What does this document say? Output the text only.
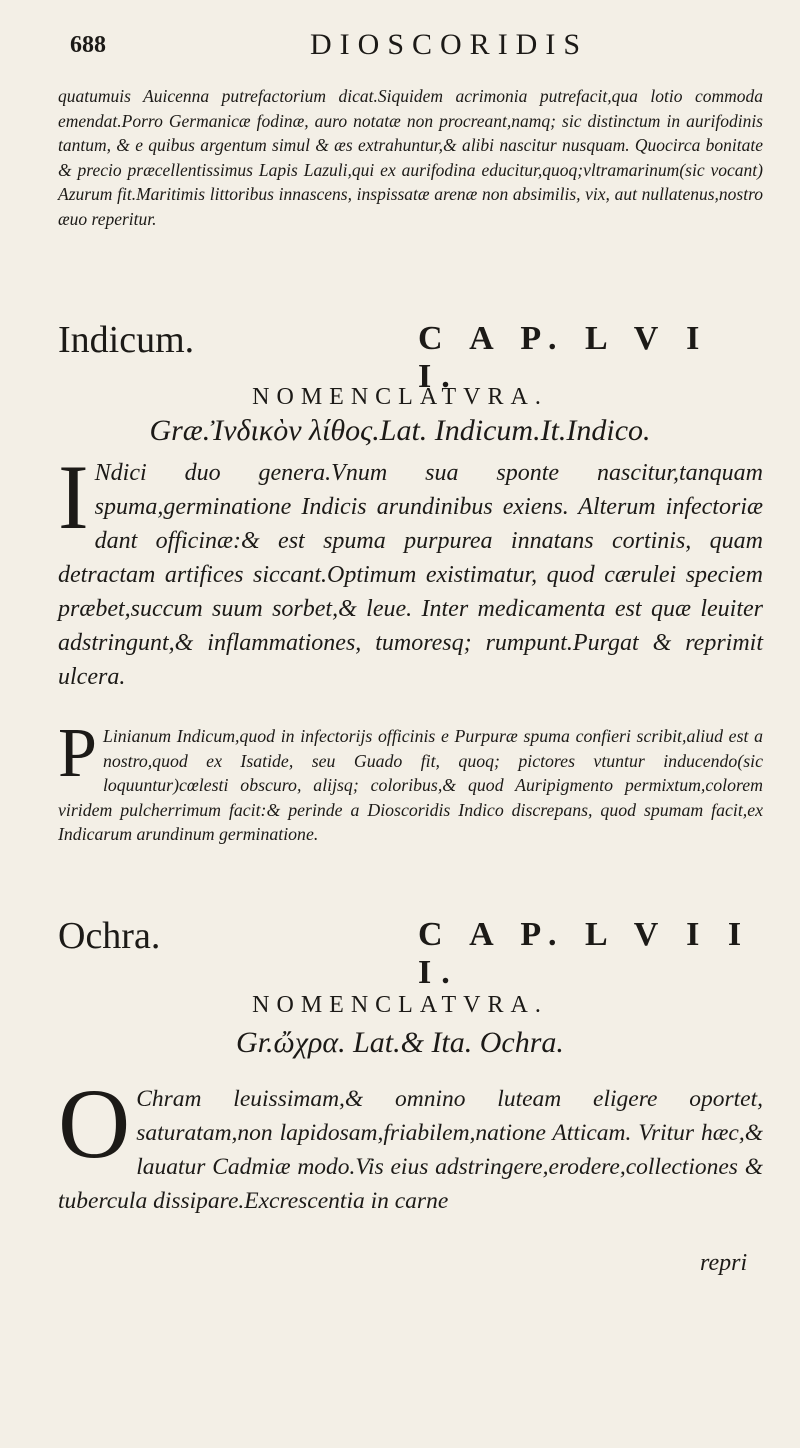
688	DIOSCORIDIS
quatumuis Auicenna putrefactorium dicat.Siquidem acrimonia putrefacit,qua lotio commoda emendat.Porro Germanicæ fodinæ, auro notatæ non procreant,namq; sic distinctum in aurifodinis tantum, & e quibus argentum simul & æs extrahuntur,& alibi nascitur nusquam. Quocirca bonitate & precio præcellentissimus Lapis Lazuli,qui ex aurifodina educitur,quoq;vltramarinum(sic vocant) Azurum fit.Maritimis littoribus innascens, inspissatæ arenæ non absimilis, vix, aut nullatenus,nostro æuo reperitur.
Indicum.	C A P. L V I I.
NOMENCLATVRA.
Græ.Ἰνδικὸν λίθος.Lat. Indicum.It.Indico.
I Ndici duo genera.Vnum sua sponte nascitur,tanquam spuma,germinatione Indicis arundinibus exiens. Alterum infectoriæ dant officinæ:& est spuma purpurea innatans cortinis, quam detractam artifices siccant.Optimum existimatur, quod cærulei speciem præbet,succum suum sorbet,& leue. Inter medicamenta est quæ leuiter adstringunt,& inflammationes, tumoresq; rumpunt.Purgat & reprimit ulcera.
P Linianum Indicum,quod in infectorijs officinis e Purpuræ spuma confieri scribit,aliud est a nostro,quod ex Isatide, seu Guado fit, quoq; pictores vtuntur inducendo(sic loquuntur)cœlesti obscuro, alijsq; coloribus,& quod Auripigmento permixtum,colorem viridem pulcherrimum facit:& perinde a Dioscoridis Indico discrepans, quod spumam facit,ex Indicarum arundinum germinatione.
Ochra.	C A P. L V I I I.
NOMENCLATVRA.
Gr.ὤχρα. Lat.& Ita. Ochra.
O Chram leuissimam,& omnino luteam eligere oportet, saturatam,non lapidosam,friabilem,natione Atticam. Vritur hæc,& lauatur Cadmiæ modo.Vis eius adstringere,erodere,collectiones & tubercula dissipare.Excrescentia in carne
repri
